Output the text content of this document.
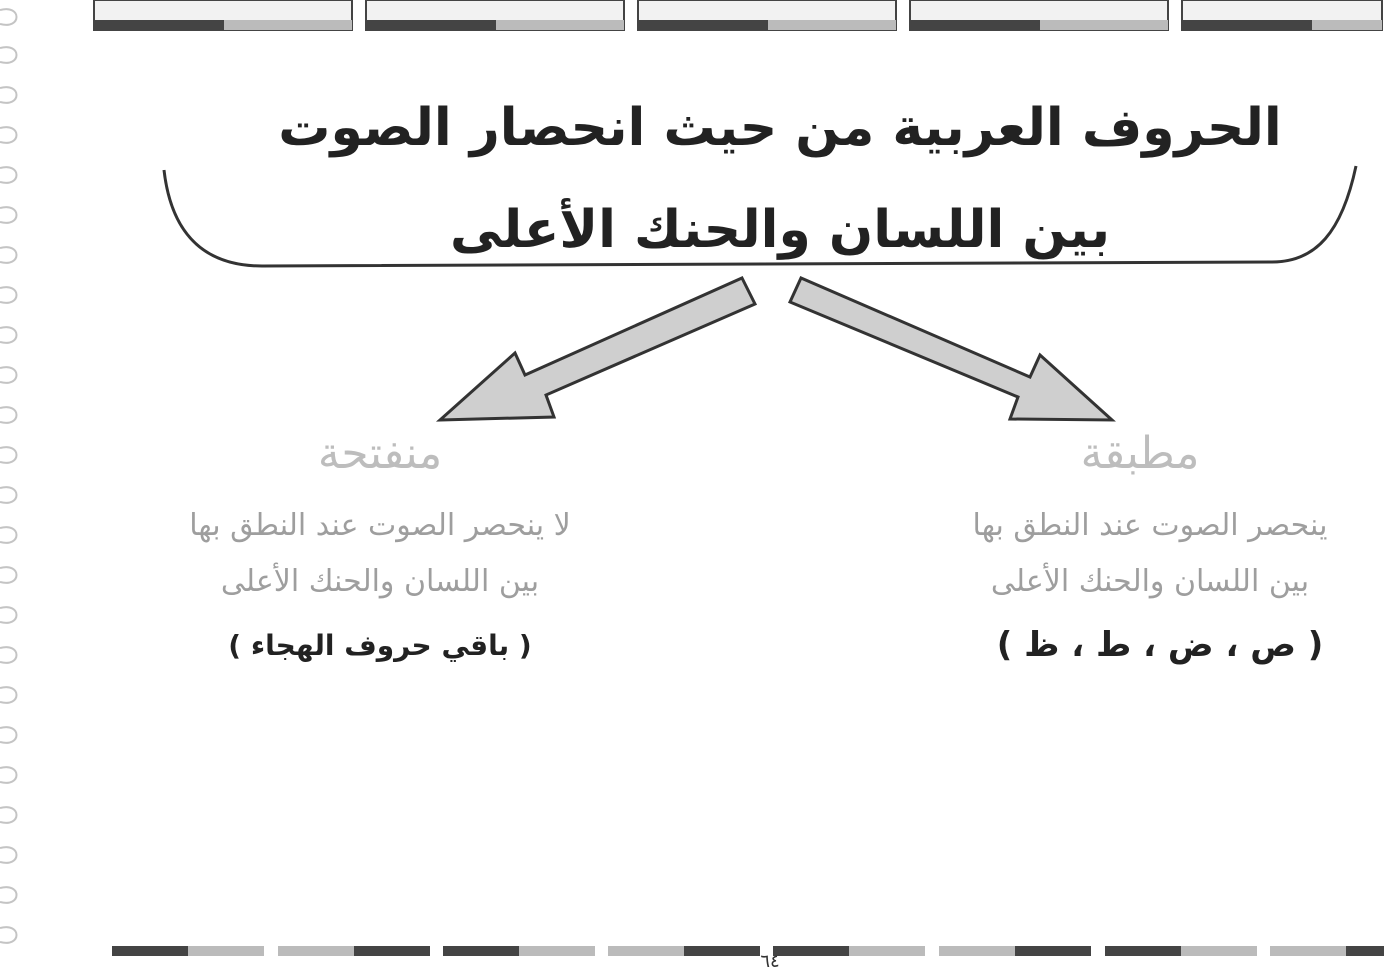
الحروف العربية من حيث انحصار الصوت
بين اللسان والحنك الأعلى
مطبقة
ينحصر الصوت عند النطق بها
بين اللسان والحنك الأعلى
( ص ، ض ، ط ، ظ )
منفتحة
لا ينحصر الصوت عند النطق بها
بين اللسان والحنك الأعلى
( باقي حروف الهجاء )
٦٤
